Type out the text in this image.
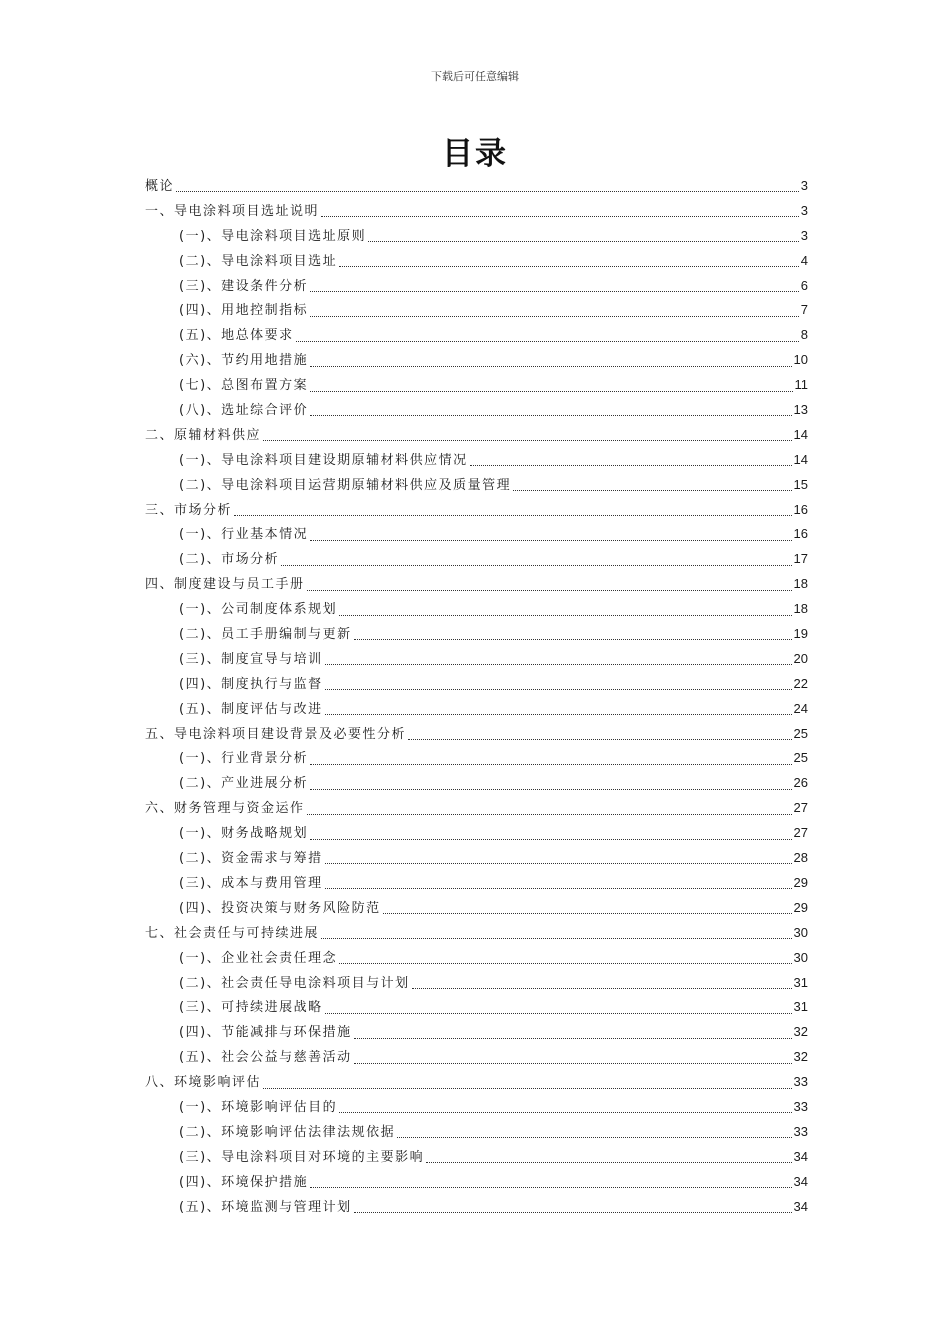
下载后可任意编辑
目录
概论	3
一、导电涂料项目选址说明	3
(一)、导电涂料项目选址原则	3
(二)、导电涂料项目选址	4
(三)、建设条件分析	6
(四)、用地控制指标	7
(五)、地总体要求	8
(六)、节约用地措施	10
(七)、总图布置方案	11
(八)、选址综合评价	13
二、原辅材料供应	14
(一)、导电涂料项目建设期原辅材料供应情况	14
(二)、导电涂料项目运营期原辅材料供应及质量管理	15
三、市场分析	16
(一)、行业基本情况	16
(二)、市场分析	17
四、制度建设与员工手册	18
(一)、公司制度体系规划	18
(二)、员工手册编制与更新	19
(三)、制度宣导与培训	20
(四)、制度执行与监督	22
(五)、制度评估与改进	24
五、导电涂料项目建设背景及必要性分析	25
(一)、行业背景分析	25
(二)、产业进展分析	26
六、财务管理与资金运作	27
(一)、财务战略规划	27
(二)、资金需求与筹措	28
(三)、成本与费用管理	29
(四)、投资决策与财务风险防范	29
七、社会责任与可持续进展	30
(一)、企业社会责任理念	30
(二)、社会责任导电涂料项目与计划	31
(三)、可持续进展战略	31
(四)、节能减排与环保措施	32
(五)、社会公益与慈善活动	32
八、环境影响评估	33
(一)、环境影响评估目的	33
(二)、环境影响评估法律法规依据	33
(三)、导电涂料项目对环境的主要影响	34
(四)、环境保护措施	34
(五)、环境监测与管理计划	34
